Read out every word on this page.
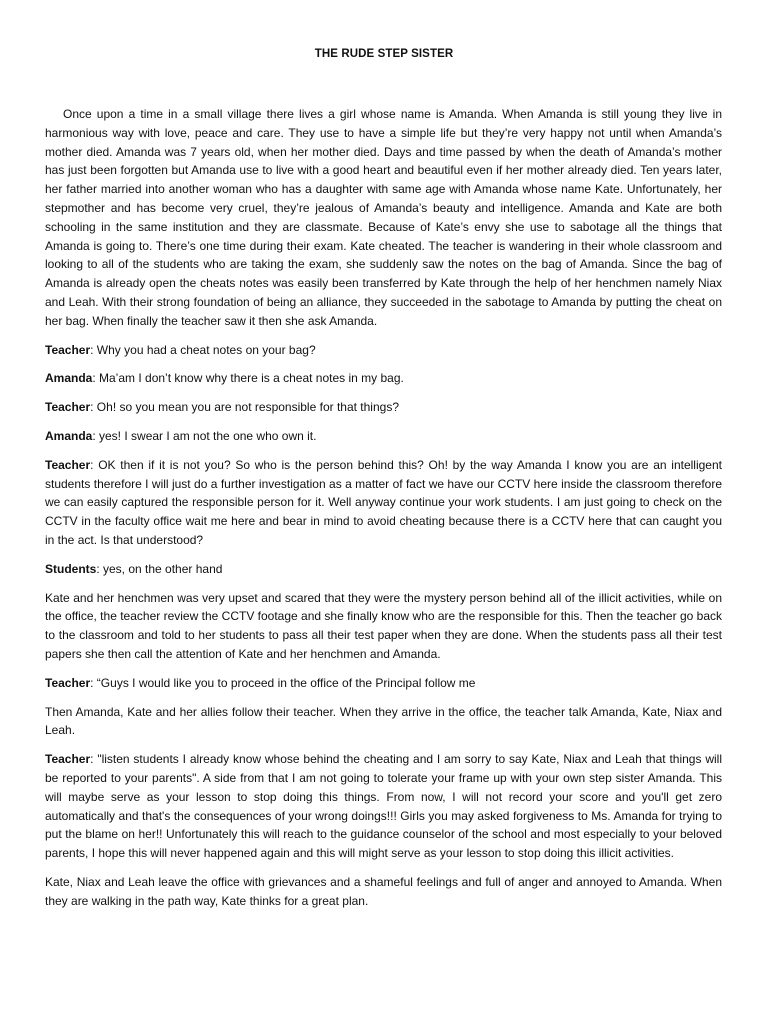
THE RUDE STEP SISTER

Once upon a time in a small village there lives a girl whose name is Amanda. When Amanda is still young they live in harmonious way with love, peace and care. They use to have a simple life but they’re very happy not until when Amanda’s mother died. Amanda was 7 years old, when her mother died. Days and time passed by when the death of Amanda’s mother has just been forgotten but Amanda use to live with a good heart and beautiful even if her mother already died. Ten years later, her father married into another woman who has a daughter with same age with Amanda whose name Kate. Unfortunately, her stepmother and has become very cruel, they’re jealous of Amanda’s beauty and intelligence. Amanda and Kate are both schooling in the same institution and they are classmate. Because of Kate’s envy she use to sabotage all the things that Amanda is going to. There’s one time during their exam. Kate cheated. The teacher is wandering in their whole classroom and looking to all of the students who are taking the exam, she suddenly saw the notes on the bag of Amanda. Since the bag of Amanda is already open the cheats notes was easily been transferred by Kate through the help of her henchmen namely Niax and Leah. With their strong foundation of being an alliance, they succeeded in the sabotage to Amanda by putting the cheat on her bag. When finally the teacher saw it then she ask Amanda.

Teacher: Why you had a cheat notes on your bag?

Amanda: Ma’am I don’t know why there is a cheat notes in my bag.

Teacher: Oh! so you mean you are not responsible for that things?

Amanda: yes! I swear I am not the one who own it.

Teacher: OK then if it is not you? So who is the person behind this? Oh! by the way Amanda I know you are an intelligent students therefore I will just do a further investigation as a matter of fact we have our CCTV here inside the classroom therefore we can easily captured the responsible person for it. Well anyway continue your work students. I am just going to check on the CCTV in the faculty office wait me here and bear in mind to avoid cheating because there is a CCTV here that can caught you in the act. Is that understood?

Students: yes, on the other hand

Kate and her henchmen was very upset and scared that they were the mystery person behind all of the illicit activities, while on the office, the teacher review the CCTV footage and she finally know who are the responsible for this. Then the teacher go back to the classroom and told to her students to pass all their test paper when they are done. When the students pass all their test papers she then call the attention of Kate and her henchmen and Amanda.

Teacher: “Guys I would like you to proceed in the office of the Principal follow me

Then Amanda, Kate and her allies follow their teacher. When they arrive in the office, the teacher talk Amanda, Kate, Niax and Leah.

Teacher: "listen students I already know whose behind the cheating and I am sorry to say Kate, Niax and Leah that things will be reported to your parents". A side from that I am not going to tolerate your frame up with your own step sister Amanda. This will maybe serve as your lesson to stop doing this things. From now, I will not record your score and you'll get zero automatically and that's the consequences of your wrong doings!!! Girls you may asked forgiveness to Ms. Amanda for trying to put the blame on her!! Unfortunately this will reach to the guidance counselor of the school and most especially to your beloved parents, I hope this will never happened again and this will might serve as your lesson to stop doing this illicit activities.

Kate, Niax and Leah leave the office with grievances and a shameful feelings and full of anger and annoyed to Amanda. When they are walking in the path way, Kate thinks for a great plan.
